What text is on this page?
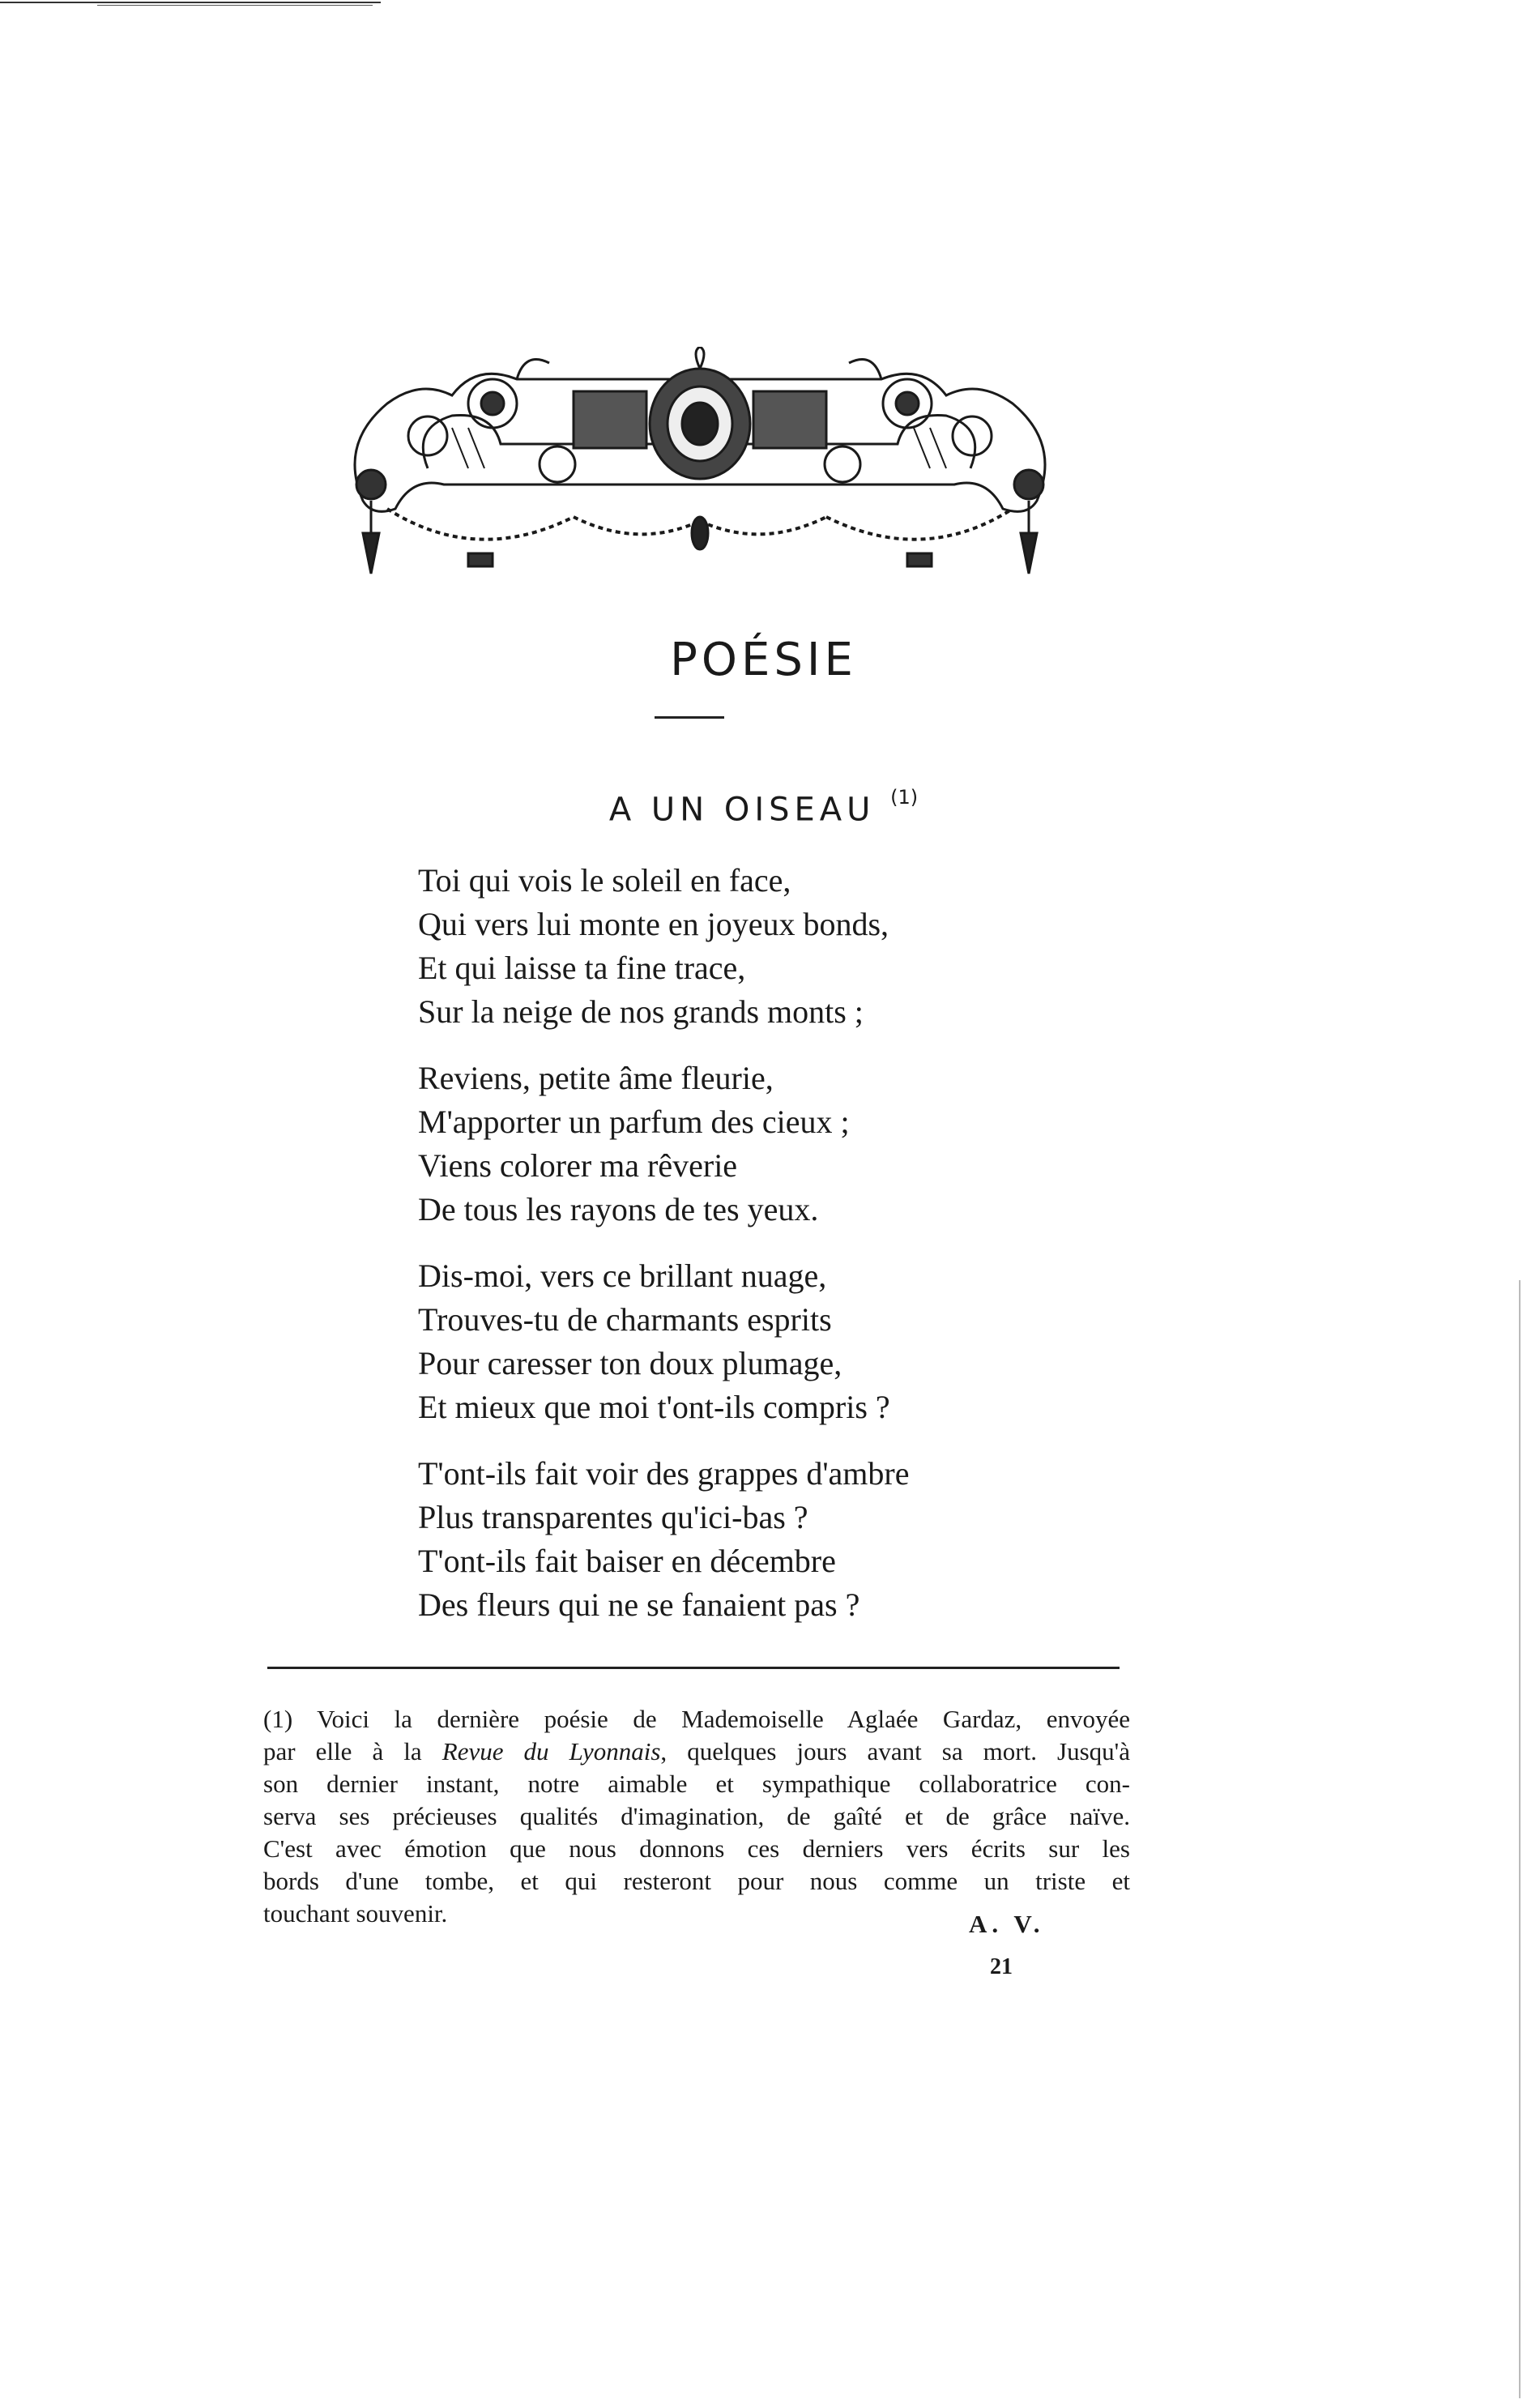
POÉSIE
A UN OISEAU $^{(1)}$
Toi qui vois le soleil en face,
Qui vers lui monte en joyeux bonds,
Et qui laisse ta fine trace,
Sur la neige de nos grands monts ;
Reviens, petite âme fleurie,
M'apporter un parfum des cieux ;
Viens colorer ma rêverie
De tous les rayons de tes yeux.
Dis-moi, vers ce brillant nuage,
Trouves-tu de charmants esprits
Pour caresser ton doux plumage,
Et mieux que moi t'ont-ils compris ?
T'ont-ils fait voir des grappes d'ambre
Plus transparentes qu'ici-bas ?
T'ont-ils fait baiser en décembre
Des fleurs qui ne se fanaient pas ?
(1) Voici la dernière poésie de Mademoiselle Aglaée Gardaz, envoyée
par elle à la Revue du Lyonnais, quelques jours avant sa mort. Jusqu'à
son dernier instant, notre aimable et sympathique collaboratrice con-
serva ses précieuses qualités d'imagination, de gaîté et de grâce naïve.
C'est avec émotion que nous donnons ces derniers vers écrits sur les
bords d'une tombe, et qui resteront pour nous comme un triste et
touchant souvenir.	A. V.
21
